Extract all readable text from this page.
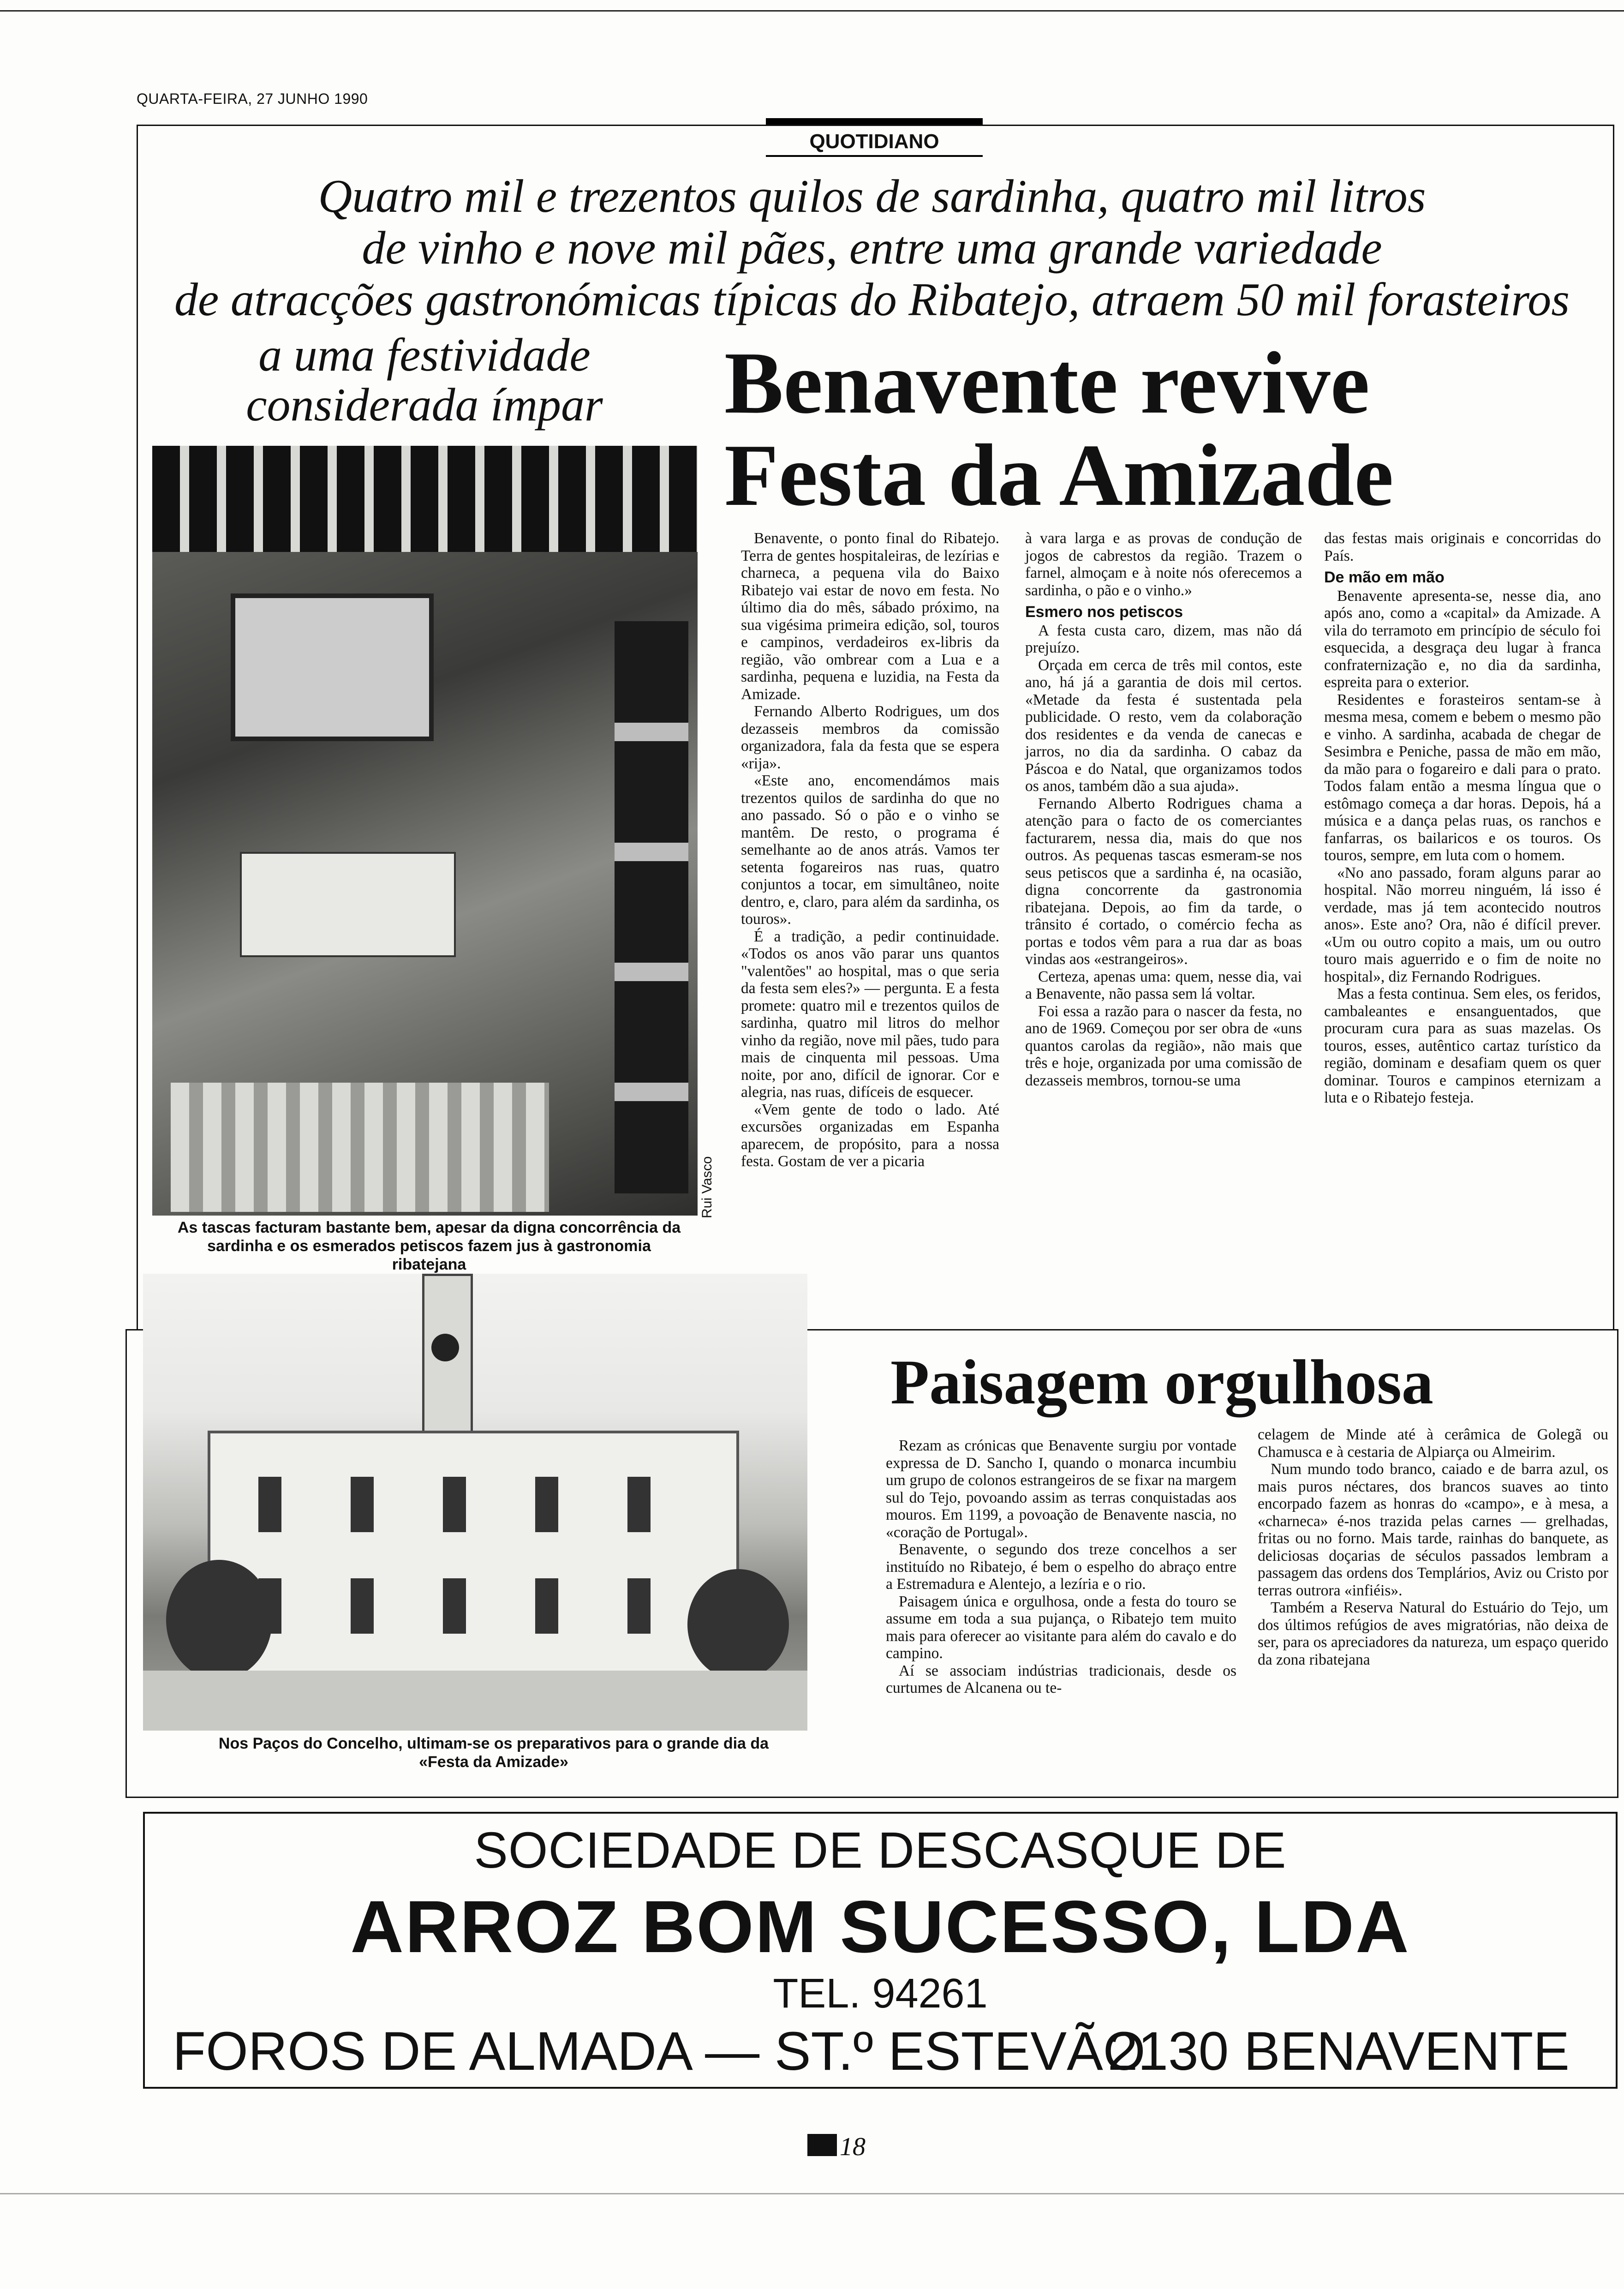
QUARTA-FEIRA, 27 JUNHO 1990
QUOTIDIANO
Quatro mil e trezentos quilos de sardinha, quatro mil litros
de vinho e nove mil pães, entre uma grande variedade
de atracções gastronómicas típicas do Ribatejo, atraem 50 mil forasteiros
a uma festividade
considerada ímpar	Benavente revive
Festa da Amizade
Rui Vasco
As tascas facturam bastante bem, apesar da digna concorrência da sardinha e os esmerados petiscos fazem jus à gastronomia ribatejana

Benavente, o ponto final do Ribatejo. Terra de gentes hospitaleiras, de lezírias e charneca, a pequena vila do Baixo Ribatejo vai estar de novo em festa. No último dia do mês, sábado próximo, na sua vigésima primeira edição, sol, touros e campinos, verdadeiros ex-libris da região, vão ombrear com a Lua e a sardinha, pequena e luzidia, na Festa da Amizade.

Fernando Alberto Rodrigues, um dos dezasseis membros da comissão organizadora, fala da festa que se espera «rija».

«Este ano, encomendámos mais trezentos quilos de sardinha do que no ano passado. Só o pão e o vinho se mantêm. De resto, o programa é semelhante ao de anos atrás. Vamos ter setenta fogareiros nas ruas, quatro conjuntos a tocar, em simultâneo, noite dentro, e, claro, para além da sardinha, os touros».

É a tradição, a pedir continuidade. «Todos os anos vão parar uns quantos "valentões" ao hospital, mas o que seria da festa sem eles?» — pergunta. E a festa promete: quatro mil e trezentos quilos de sardinha, quatro mil litros do melhor vinho da região, nove mil pães, tudo para mais de cinquenta mil pessoas. Uma noite, por ano, difícil de ignorar. Cor e alegria, nas ruas, difíceis de esquecer.

«Vem gente de todo o lado. Até excursões organizadas em Espanha aparecem, de propósito, para a nossa festa. Gostam de ver a picaria

à vara larga e as provas de condução de jogos de cabrestos da região. Trazem o farnel, almoçam e à noite nós oferecemos a sardinha, o pão e o vinho.»

Esmero nos petiscos

A festa custa caro, dizem, mas não dá prejuízo.

Orçada em cerca de três mil contos, este ano, há já a garantia de dois mil certos. «Metade da festa é sustentada pela publicidade. O resto, vem da colaboração dos residentes e da venda de canecas e jarros, no dia da sardinha. O cabaz da Páscoa e do Natal, que organizamos todos os anos, também dão a sua ajuda».

Fernando Alberto Rodrigues chama a atenção para o facto de os comerciantes facturarem, nessa dia, mais do que nos outros. As pequenas tascas esmeram-se nos seus petiscos que a sardinha é, na ocasião, digna concorrente da gastronomia ribatejana. Depois, ao fim da tarde, o trânsito é cortado, o comércio fecha as portas e todos vêm para a rua dar as boas vindas aos «estrangeiros».

Certeza, apenas uma: quem, nesse dia, vai a Benavente, não passa sem lá voltar.

Foi essa a razão para o nascer da festa, no ano de 1969. Começou por ser obra de «uns quantos carolas da região», não mais que três e hoje, organizada por uma comissão de dezasseis membros, tornou-se uma

das festas mais originais e concorridas do País.

De mão em mão

Benavente apresenta-se, nesse dia, ano após ano, como a «capital» da Amizade. A vila do terramoto em princípio de século foi esquecida, a desgraça deu lugar à franca confraternização e, no dia da sardinha, espreita para o exterior.

Residentes e forasteiros sentam-se à mesma mesa, comem e bebem o mesmo pão e vinho. A sardinha, acabada de chegar de Sesimbra e Peniche, passa de mão em mão, da mão para o fogareiro e dali para o prato. Todos falam então a mesma língua que o estômago começa a dar horas. Depois, há a música e a dança pelas ruas, os ranchos e fanfarras, os bailaricos e os touros. Os touros, sempre, em luta com o homem.

«No ano passado, foram alguns parar ao hospital. Não morreu ninguém, lá isso é verdade, mas já tem acontecido noutros anos». Este ano? Ora, não é difícil prever. «Um ou outro copito a mais, um ou outro touro mais aguerrido e o fim de noite no hospital», diz Fernando Rodrigues.

Mas a festa continua. Sem eles, os feridos, cambaleantes e ensanguentados, que procuram cura para as suas mazelas. Os touros, esses, autêntico cartaz turístico da região, dominam e desafiam quem os quer dominar. Touros e campinos eternizam a luta e o Ribatejo festeja.

Nos Paços do Concelho, ultimam-se os preparativos para o grande dia da «Festa da Amizade»
Paisagem orgulhosa

Rezam as crónicas que Benavente surgiu por vontade expressa de D. Sancho I, quando o monarca incumbiu um grupo de colonos estrangeiros de se fixar na margem sul do Tejo, povoando assim as terras conquistadas aos mouros. Em 1199, a povoação de Benavente nascia, no «coração de Portugal».

Benavente, o segundo dos treze concelhos a ser instituído no Ribatejo, é bem o espelho do abraço entre a Estremadura e Alentejo, a lezíria e o rio.

Paisagem única e orgulhosa, onde a festa do touro se assume em toda a sua pujança, o Ribatejo tem muito mais para oferecer ao visitante para além do cavalo e do campino.

Aí se associam indústrias tradicionais, desde os curtumes de Alcanena ou te-

celagem de Minde até à cerâmica de Golegã ou Chamusca e à cestaria de Alpiarça ou Almeirim.

Num mundo todo branco, caiado e de barra azul, os mais puros néctares, dos brancos suaves ao tinto encorpado fazem as honras do «campo», e à mesa, a «charneca» é-nos trazida pelas carnes — grelhadas, fritas ou no forno. Mais tarde, rainhas do banquete, as deliciosas doçarias de séculos passados lembram a passagem das ordens dos Templários, Aviz ou Cristo por terras outrora «infiéis».

Também a Reserva Natural do Estuário do Tejo, um dos últimos refúgios de aves migratórias, não deixa de ser, para os apreciadores da natureza, um espaço querido da zona ribatejana

SOCIEDADE DE DESCASQUE DE
ARROZ BOM SUCESSO, LDA
TEL. 94261
FOROS DE ALMADA — ST.º ESTEVÃO
2130 BENAVENTE
18
